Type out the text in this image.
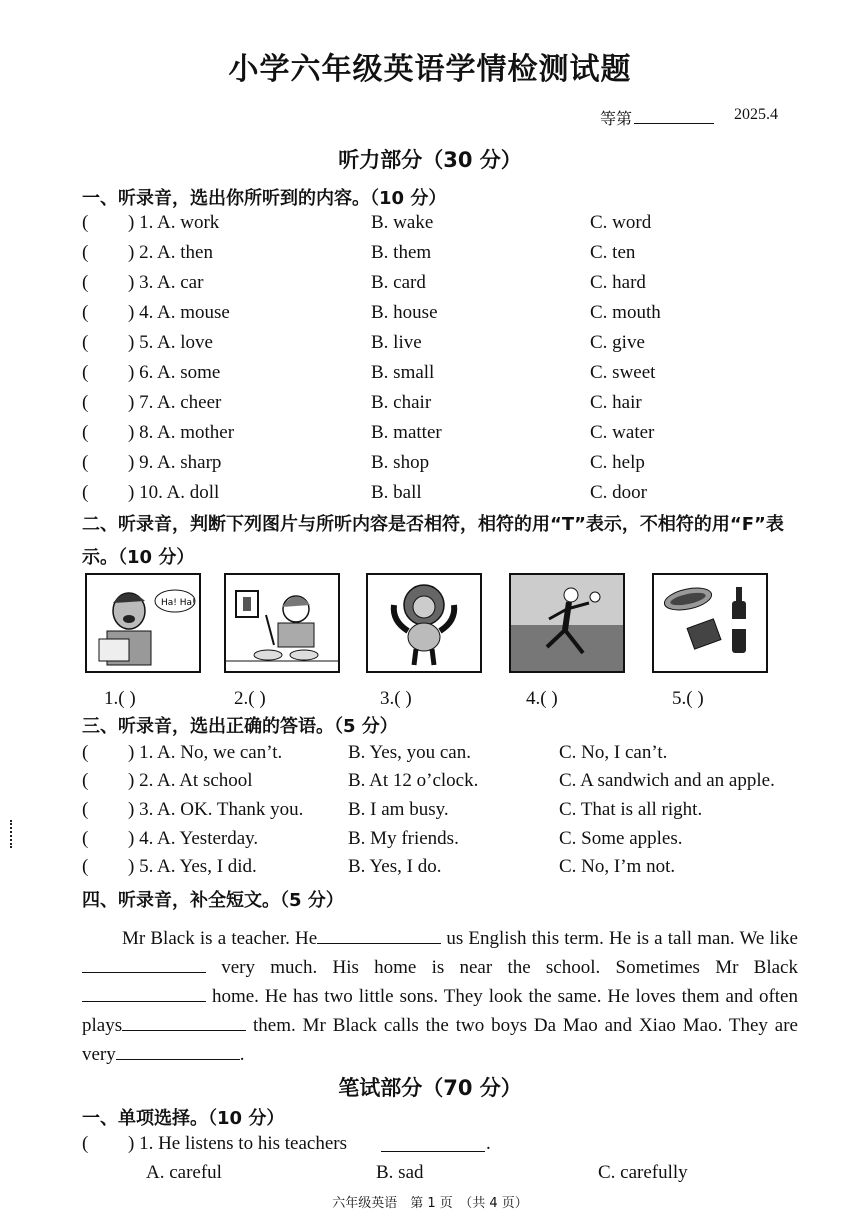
小学六年级英语学情检测试题
等第	2025.4
听力部分（30 分）
一、听录音，选出你所听到的内容。（10 分）
( ) 1. A. work	B. wake	C. word
( ) 2. A. then	B. them	C. ten
( ) 3. A. car	B. card	C. hard
( ) 4. A. mouse	B. house	C. mouth
( ) 5. A. love	B. live	C. give
( ) 6. A. some	B. small	C. sweet
( ) 7. A. cheer	B. chair	C. hair
( ) 8. A. mother	B. matter	C. water
( ) 9. A. sharp	B. shop	C. help
( ) 10. A. doll	B. ball	C. door
二、听录音，判断下列图片与所听内容是否相符，相符的用“T”表示，不相符的用“F”表示。（10 分）
Ha! Ha!
1.( )	2.( )	3.( )	4.( )	5.( )
三、听录音，选出正确的答语。（5 分）
( ) 1. A. No, we can’t.	B. Yes, you can.	C. No, I can’t.
( ) 2. A. At school	B. At 12 o’clock.	C. A sandwich and an apple.
( ) 3. A. OK. Thank you. B. I am busy.	C. That is all right.
( ) 4. A. Yesterday.	B. My friends.	C. Some apples.
( ) 5. A. Yes, I did.	B. Yes, I do.	C. No, I’m not.
四、听录音，补全短文。（5 分）
Mr Black is a teacher. He	us English this term. He is a tall man. We like very much. His home is near the school. Sometimes Mr Black home. He has two little sons. They look the same. He loves them and often plays	them. Mr Black calls the two boys Da Mao and Xiao Mao. They are very	.
笔试部分（70 分）
一、单项选择。（10 分）
( ) 1. He listens to his teachers	.
A. careful	B. sad	C. carefully
六年级英语　第 1 页　（共 4 页）
